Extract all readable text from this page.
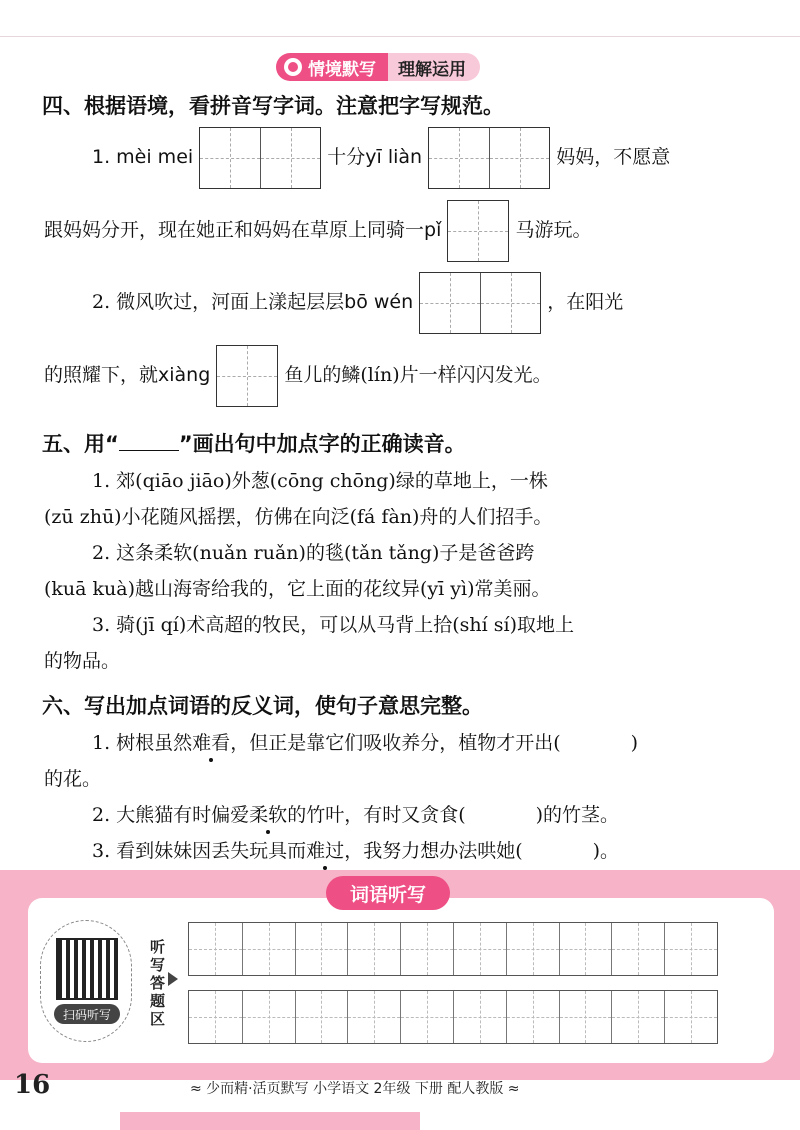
情境默写	理解运用
四、根据语境，看拼音写字词。注意把字写规范。
1. mèi mei	十分yī liàn	妈妈，不愿意
跟妈妈分开，现在她正和妈妈在草原上同骑一pǐ	马游玩。
2. 微风吹过，河面上漾起层层bō wén	，在阳光
的照耀下，就xiàng	鱼儿的鳞(lín)片一样闪闪发光。
五、用“	”画出句中加点字的正确读音。
1. 郊(qiāo jiāo)外葱(cōng chōng)绿的草地上，一株
(zū zhū)小花随风摇摆，仿佛在向泛(fá fàn)舟的人们招手。
2. 这条柔软(nuǎn ruǎn)的毯(tǎn tǎng)子是爸爸跨
(kuā kuà)越山海寄给我的，它上面的花纹异(yī yì)常美丽。
3. 骑(jī qí)术高超的牧民，可以从马背上拾(shí sí)取地上
的物品。
六、写出加点词语的反义词，使句子意思完整。
1. 树根虽然难看，但正是靠它们吸收养分，植物才开出(	)
的花。
2. 大熊猫有时偏爱柔软的竹叶，有时又贪食(	)的竹茎。
3. 看到妹妹因丢失玩具而难过，我努力想办法哄她(	)。
词语听写
扫码听写
听写答题区
16	≈ 少而精·活页默写 小学语文 2年级 下册 配人教版 ≈
